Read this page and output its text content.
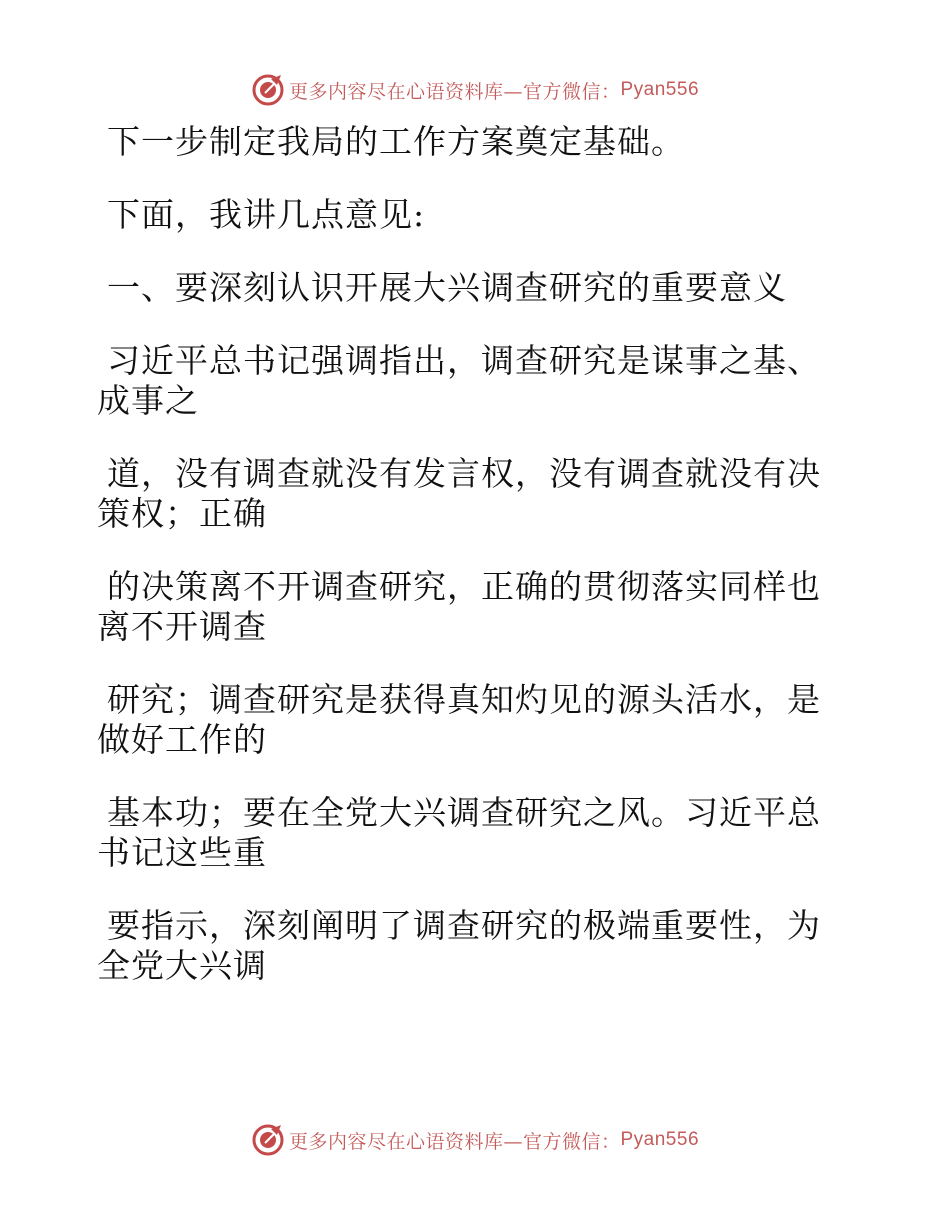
更多内容尽在心语资料库—官方微信： Pyan556
下一步制定我局的工作方案奠定基础。
下面，我讲几点意见:
一、要深刻认识开展大兴调查研究的重要意义
习近平总书记强调指出，调查研究是谋事之基、
成事之
道，没有调查就没有发言权，没有调查就没有决
策权；正确
的决策离不开调查研究，正确的贯彻落实同样也
离不开调查
研究；调查研究是获得真知灼见的源头活水，是
做好工作的
基本功；要在全党大兴调查研究之风。习近平总
书记这些重
要指示，深刻阐明了调查研究的极端重要性，为
全党大兴调
更多内容尽在心语资料库—官方微信： Pyan556
